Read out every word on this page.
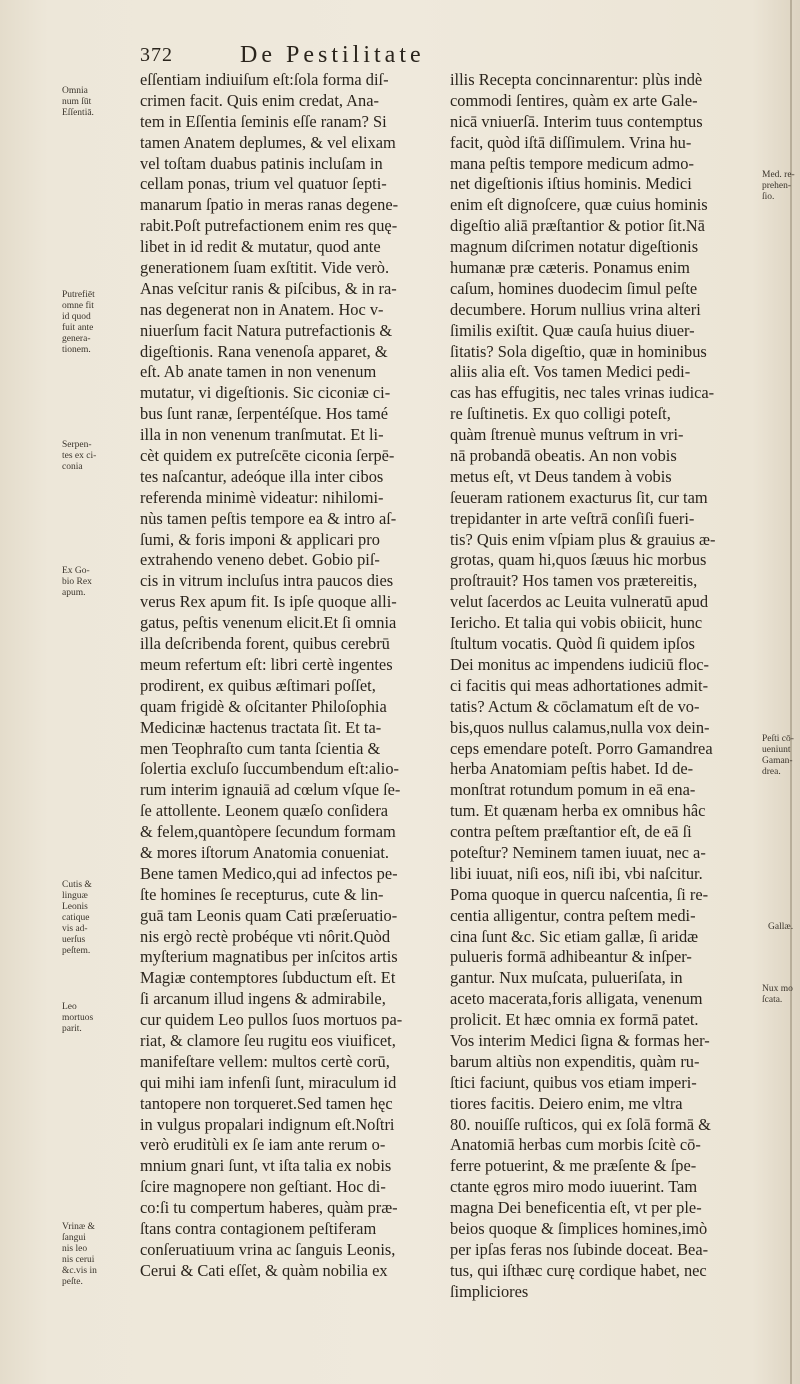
372	De Pestilitate
eſſentiam indiuiſum eſt:ſola forma diſ-
crimen facit. Quis enim credat, Ana-
tem in Eſſentia ſeminis eſſe ranam? Si
tamen Anatem deplumes, & vel elixam
vel toſtam duabus patinis incluſam in
cellam ponas, trium vel quatuor ſepti-
manarum ſpatio in meras ranas degene-
rabit.Poſt putrefactionem enim res quę-
libet in id redit & mutatur, quod ante
generationem ſuam exſtitit. Vide verò.
Anas veſcitur ranis & piſcibus, & in ra-
nas degenerat non in Anatem. Hoc v-
niuerſum facit Natura putrefactionis &
digeſtionis. Rana venenoſa apparet, &
eſt. Ab anate tamen in non venenum
mutatur, vi digeſtionis. Sic ciconiæ ci-
bus ſunt ranæ, ſerpentéſque. Hos tamé
illa in non venenum tranſmutat. Et li-
cèt quidem ex putreſcēte ciconia ſerpē-
tes naſcantur, adeóque illa inter cibos
referenda minimè videatur: nihilomi-
nùs tamen peſtis tempore ea & intro aſ-
ſumi, & foris imponi & applicari pro
extrahendo veneno debet. Gobio piſ-
cis in vitrum incluſus intra paucos dies
verus Rex apum fit. Is ipſe quoque alli-
gatus, peſtis venenum elicit.Et ſi omnia
illa deſcribenda forent, quibus cerebrū
meum refertum eſt: libri certè ingentes
prodirent, ex quibus æſtimari poſſet,
quam frigidè & oſcitanter Philoſophia
Medicinæ hactenus tractata ſit. Et ta-
men Teophraſto cum tanta ſcientia &
ſolertia excluſo ſuccumbendum eſt:alio-
rum interim ignauiā ad cœlum vſque ſe-
ſe attollente. Leonem quæſo conſidera
& felem,quantòpere ſecundum formam
& mores iſtorum Anatomia conueniat.
Bene tamen Medico,qui ad infectos pe-
ſte homines ſe recepturus, cute & lin-
guā tam Leonis quam Cati præſeruatio-
nis ergò rectè probéque vti nôrit.Quòd
myſterium magnatibus per inſcitos artis
Magiæ contemptores ſubductum eſt. Et
ſi arcanum illud ingens & admirabile,
cur quidem Leo pullos ſuos mortuos pa-
riat, & clamore ſeu rugitu eos viuificet,
manifeſtare vellem: multos certè corū,
qui mihi iam infenſi ſunt, miraculum id
tantopere non torqueret.Sed tamen hęc
in vulgus propalari indignum eſt.Noſtri
verò eruditùli ex ſe iam ante rerum o-
mnium gnari ſunt, vt iſta talia ex nobis
ſcire magnopere non geſtiant. Hoc di-
co:ſi tu compertum haberes, quàm præ-
ſtans contra contagionem peſtiferam
conſeruatiuum vrina ac ſanguis Leonis,
Cerui & Cati eſſet, & quàm nobilia ex
illis Recepta concinnarentur: plùs indè
commodi ſentires, quàm ex arte Gale-
nicā vniuerſā. Interim tuus contemptus
facit, quòd iſtā diſſimulem. Vrina hu-
mana peſtis tempore medicum admo-
net digeſtionis iſtius hominis. Medici
enim eſt dignoſcere, quæ cuius hominis
digeſtio aliā præſtantior & potior ſit.Nā
magnum diſcrimen notatur digeſtionis
humanæ præ cæteris. Ponamus enim
caſum, homines duodecim ſimul peſte
decumbere. Horum nullius vrina alteri
ſimilis exiſtit. Quæ cauſa huius diuer-
ſitatis? Sola digeſtio, quæ in hominibus
aliis alia eſt. Vos tamen Medici pedi-
cas has effugitis, nec tales vrinas iudica-
re ſuſtinetis. Ex quo colligi poteſt,
quàm ſtrenuè munus veſtrum in vri-
nā probandā obeatis. An non vobis
metus eſt, vt Deus tandem à vobis
ſeueram rationem exacturus ſit, cur tam
trepidanter in arte veſtrā conſiſi fueri-
tis? Quis enim vſpiam plus & grauius æ-
grotas, quam hi,quos ſæuus hic morbus
proſtrauit? Hos tamen vos prætereitis,
velut ſacerdos ac Leuita vulneratū apud
Iericho. Et talia qui vobis obiicit, hunc
ſtultum vocatis. Quòd ſi quidem ipſos
Dei monitus ac impendens iudiciū floc-
ci facitis qui meas adhortationes admit-
tatis? Actum & cōclamatum eſt de vo-
bis,quos nullus calamus,nulla vox dein-
ceps emendare poteſt. Porro Gamandrea
herba Anatomiam peſtis habet. Id de-
monſtrat rotundum pomum in eā ena-
tum. Et quænam herba ex omnibus hâc
contra peſtem præſtantior eſt, de eā ſi
poteſtur? Neminem tamen iuuat, nec a-
libi iuuat, niſi eos, niſi ibi, vbi naſcitur.
Poma quoque in quercu naſcentia, ſi re-
centia alligentur, contra peſtem medi-
cina ſunt &c. Sic etiam gallæ, ſi aridæ
pulueris formā adhibeantur & inſper-
gantur. Nux muſcata, pulueriſata, in
aceto macerata,foris alligata, venenum
prolicit. Et hæc omnia ex formā patet.
Vos interim Medici ſigna & formas her-
barum altiùs non expenditis, quàm ru-
ſtici faciunt, quibus vos etiam imperi-
tiores facitis. Deiero enim, me vltra
80. nouiſſe ruſticos, qui ex ſolā formā &
Anatomiā herbas cum morbis ſcitè cō-
ferre potuerint, & me præſente & ſpe-
ctante ęgros miro modo iuuerint. Tam
magna Dei beneficentia eſt, vt per ple-
beios quoque & ſimplices homines,imò
per ipſas feras nos ſubinde doceat. Bea-
tus, qui iſthæc curę cordique habet, nec
ſimpliciores
Omnia
num ſūt
Eſſentiā.
Putrefiēt
omne fit
id quod
fuit ante
genera-
tionem.
Serpen-
tes ex ci-
conia
Ex Go-
bio Rex
apum.
Cutis &
linguæ
Leonis
catique
vis ad-
uerſus
peſtem.
Leo
mortuos
parit.
Vrinæ &
ſangui
nis leo
nis cerui
&c.vis in
peſte.
Med. re-
prehen-
ſio.
Peſti cō-
ueniunt
Gaman-
drea.
Gallæ.
Nux mo
ſcata.
